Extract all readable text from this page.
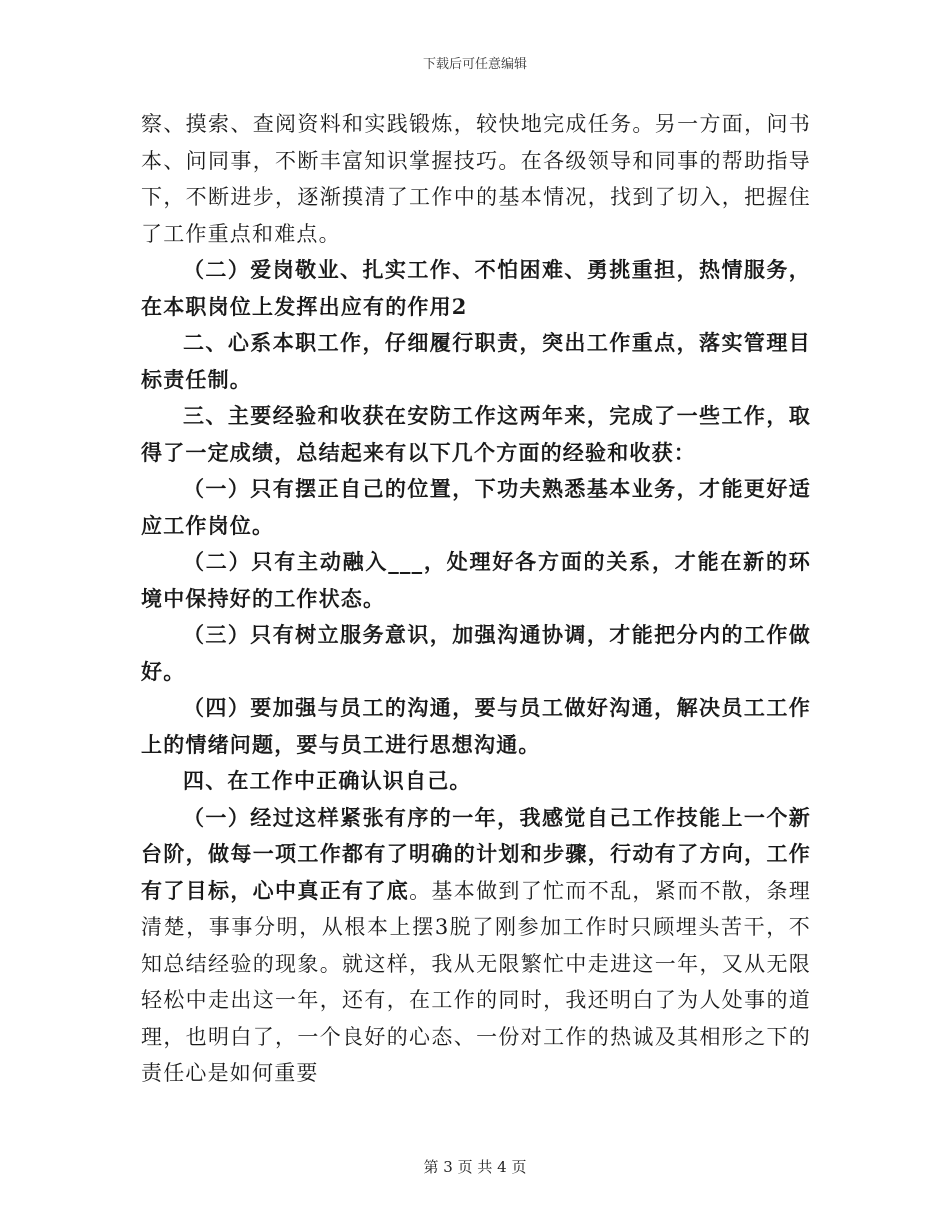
下载后可任意编辑

察、摸索、查阅资料和实践锻炼，较快地完成任务。另一方面，问书本、问同事，不断丰富知识掌握技巧。在各级领导和同事的帮助指导下，不断进步，逐渐摸清了工作中的基本情况，找到了切入，把握住了工作重点和难点。

（二）爱岗敬业、扎实工作、不怕困难、勇挑重担，热情服务，在本职岗位上发挥出应有的作用2

二、心系本职工作，仔细履行职责，突出工作重点，落实管理目标责任制。

三、主要经验和收获在安防工作这两年来，完成了一些工作，取得了一定成绩，总结起来有以下几个方面的经验和收获：

（一）只有摆正自己的位置，下功夫熟悉基本业务，才能更好适应工作岗位。

（二）只有主动融入___，处理好各方面的关系，才能在新的环境中保持好的工作状态。

（三）只有树立服务意识，加强沟通协调，才能把分内的工作做好。

（四）要加强与员工的沟通，要与员工做好沟通，解决员工工作上的情绪问题，要与员工进行思想沟通。

四、在工作中正确认识自己。

（一）经过这样紧张有序的一年，我感觉自己工作技能上一个新台阶，做每一项工作都有了明确的计划和步骤，行动有了方向，工作有了目标，心中真正有了底。基本做到了忙而不乱，紧而不散，条理清楚，事事分明，从根本上摆3脱了刚参加工作时只顾埋头苦干，不知总结经验的现象。就这样，我从无限繁忙中走进这一年，又从无限轻松中走出这一年，还有，在工作的同时，我还明白了为人处事的道理，也明白了，一个良好的心态、一份对工作的热诚及其相形之下的责任心是如何重要

第 3 页 共 4 页
